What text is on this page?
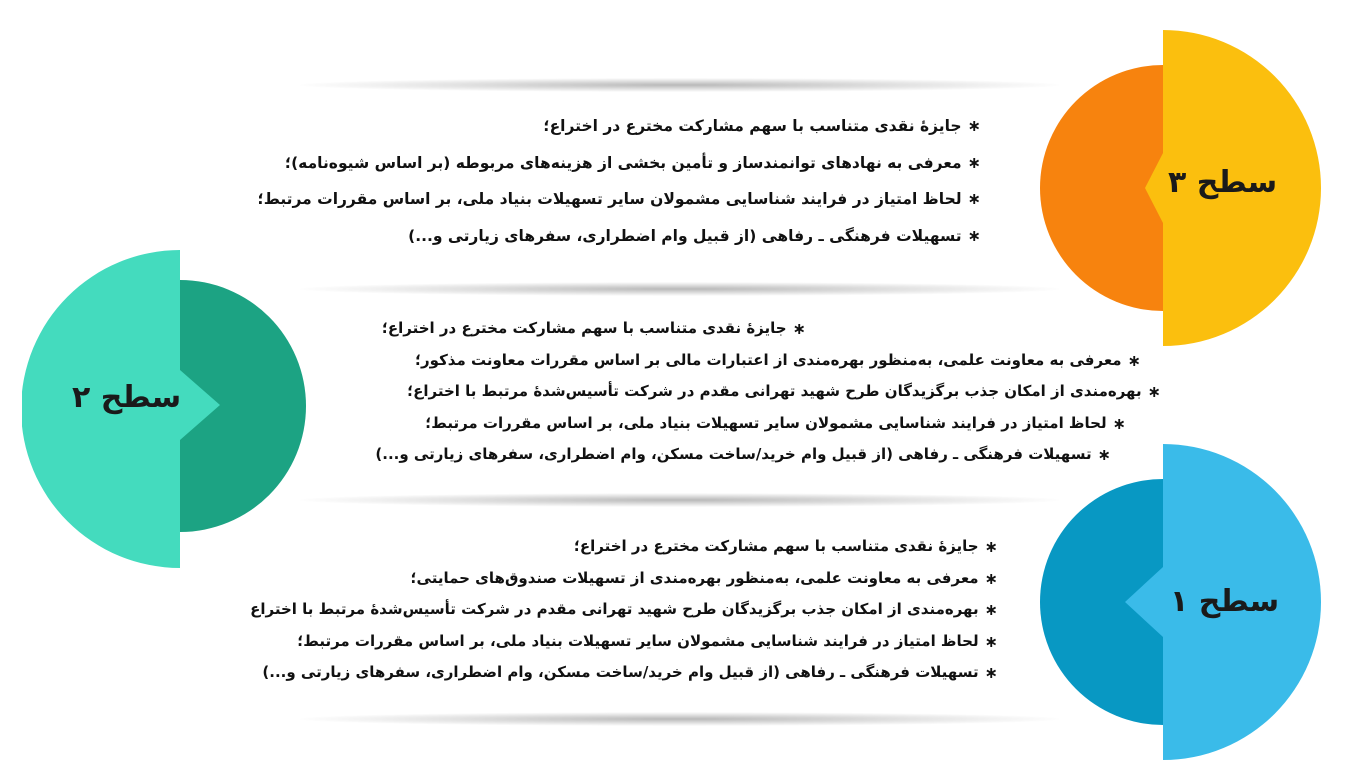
سطح ۳
∗
جایزهٔ نقدی متناسب با سهم مشارکت مخترع در اختراع؛
∗
معرفی به نهادهای توانمندساز و تأمین بخشی از هزینه‌های مربوطه (بر اساس شیوه‌نامه)؛
∗
لحاظ امتیاز در فرایند شناسایی مشمولان سایر تسهیلات بنیاد ملی، بر اساس مقررات مرتبط؛
∗
تسهیلات فرهنگی ـ رفاهی (از قبیل وام اضطراری، سفرهای زیارتی و...)
سطح ۲
∗
جایزهٔ نقدی متناسب با سهم مشارکت مخترع در اختراع؛
∗
معرفی به معاونت علمی، به‌منظور بهره‌مندی از اعتبارات مالی بر اساس مقررات معاونت مذکور؛
∗
بهره‌مندی از امکان جذب برگزیدگان طرح شهید تهرانی مقدم در شرکت تأسیس‌شدهٔ مرتبط با اختراع؛
∗
لحاظ امتیاز در فرایند شناسایی مشمولان سایر تسهیلات بنیاد ملی، بر اساس مقررات مرتبط؛
∗
تسهیلات فرهنگی ـ رفاهی (از قبیل وام خرید/ساخت مسکن، وام اضطراری، سفرهای زیارتی و...)
سطح ۱
∗
جایزهٔ نقدی متناسب با سهم مشارکت مخترع در اختراع؛
∗
معرفی به معاونت علمی، به‌منظور بهره‌مندی از تسهیلات صندوق‌های حمایتی؛
∗
بهره‌مندی از امکان جذب برگزیدگان طرح شهید تهرانی مقدم در شرکت تأسیس‌شدهٔ مرتبط با اختراع
∗
لحاظ امتیاز در فرایند شناسایی مشمولان سایر تسهیلات بنیاد ملی، بر اساس مقررات مرتبط؛
∗
تسهیلات فرهنگی ـ رفاهی (از قبیل وام خرید/ساخت مسکن، وام اضطراری، سفرهای زیارتی و...)
